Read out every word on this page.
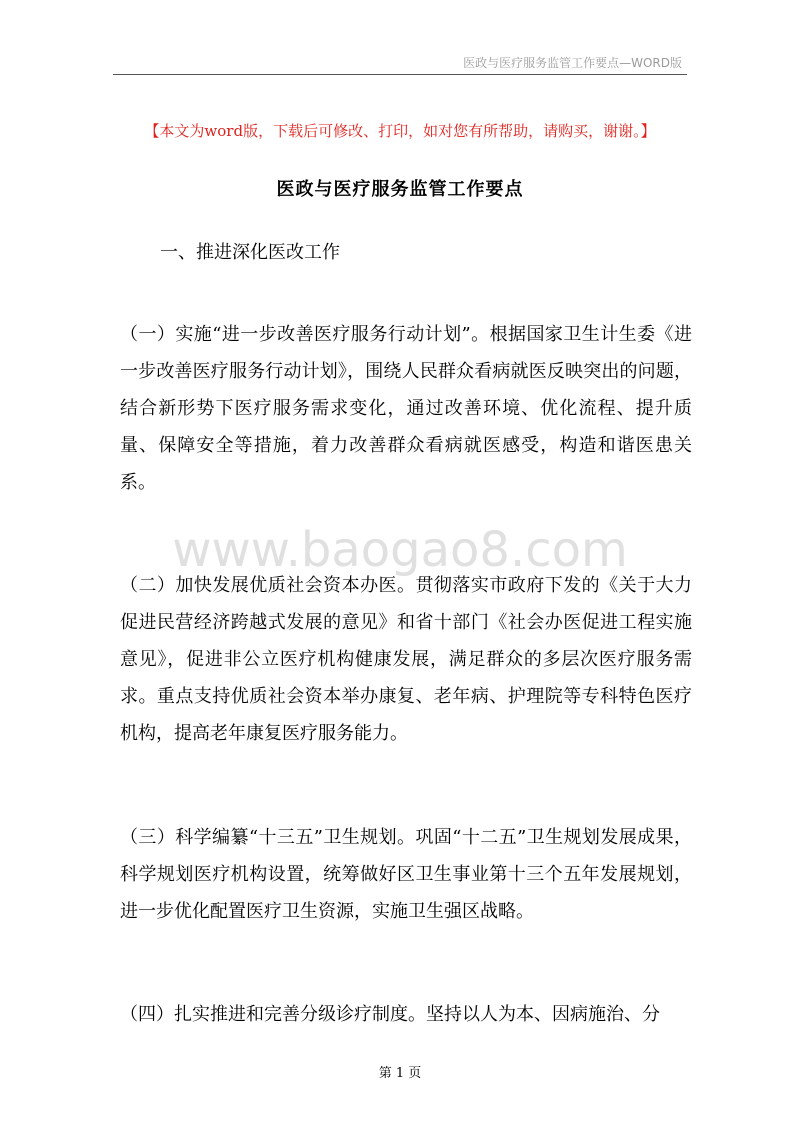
医政与医疗服务监管工作要点—WORD版
【本文为word版，下载后可修改、打印，如对您有所帮助，请购买，谢谢。】
医政与医疗服务监管工作要点
一、推进深化医改工作

（一）实施“进一步改善医疗服务行动计划”。根据国家卫生计生委《进一步改善医疗服务行动计划》，围绕人民群众看病就医反映突出的问题，结合新形势下医疗服务需求变化，通过改善环境、优化流程、提升质量、保障安全等措施，着力改善群众看病就医感受，构造和谐医患关系。

www.baogao8.com

（二）加快发展优质社会资本办医。贯彻落实市政府下发的《关于大力促进民营经济跨越式发展的意见》和省十部门《社会办医促进工程实施意见》，促进非公立医疗机构健康发展，满足群众的多层次医疗服务需求。重点支持优质社会资本举办康复、老年病、护理院等专科特色医疗机构，提高老年康复医疗服务能力。

（三）科学编纂“十三五”卫生规划。巩固“十二五”卫生规划发展成果，科学规划医疗机构设置，统筹做好区卫生事业第十三个五年发展规划，进一步优化配置医疗卫生资源，实施卫生强区战略。

（四）扎实推进和完善分级诊疗制度。坚持以人为本、因病施治、分

第 1 页
